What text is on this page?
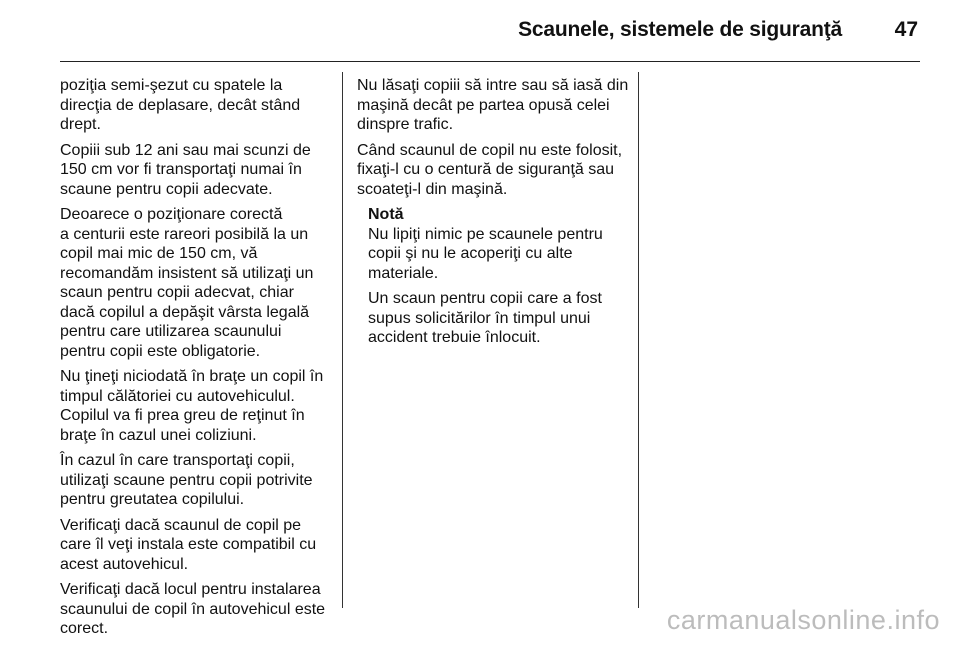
Scaunele, sistemele de siguranţă	47

poziţia semi-şezut cu spatele la
direcţia de deplasare, decât stând
drept.

Copiii sub 12 ani sau mai scunzi de
150 cm vor fi transportaţi numai în
scaune pentru copii adecvate.

Deoarece o poziţionare corectă
a centurii este rareori posibilă la un
copil mai mic de 150 cm, vă
recomandăm insistent să utilizaţi un
scaun pentru copii adecvat, chiar
dacă copilul a depăşit vârsta legală
pentru care utilizarea scaunului
pentru copii este obligatorie.

Nu ţineţi niciodată în braţe un copil în
timpul călătoriei cu autovehiculul.
Copilul va fi prea greu de reţinut în
braţe în cazul unei coliziuni.

În cazul în care transportaţi copii,
utilizaţi scaune pentru copii potrivite
pentru greutatea copilului.

Verificaţi dacă scaunul de copil pe
care îl veţi instala este compatibil cu
acest autovehicul.

Verificaţi dacă locul pentru instalarea
scaunului de copil în autovehicul este
corect.

Nu lăsaţi copiii să intre sau să iasă din
maşină decât pe partea opusă celei
dinspre trafic.

Când scaunul de copil nu este folosit,
fixaţi-l cu o centură de siguranţă sau
scoateţi-l din maşină.

Notă

Nu lipiţi nimic pe scaunele pentru
copii şi nu le acoperiţi cu alte
materiale.

Un scaun pentru copii care a fost
supus solicitărilor în timpul unui
accident trebuie înlocuit.

carmanualsonline.info
